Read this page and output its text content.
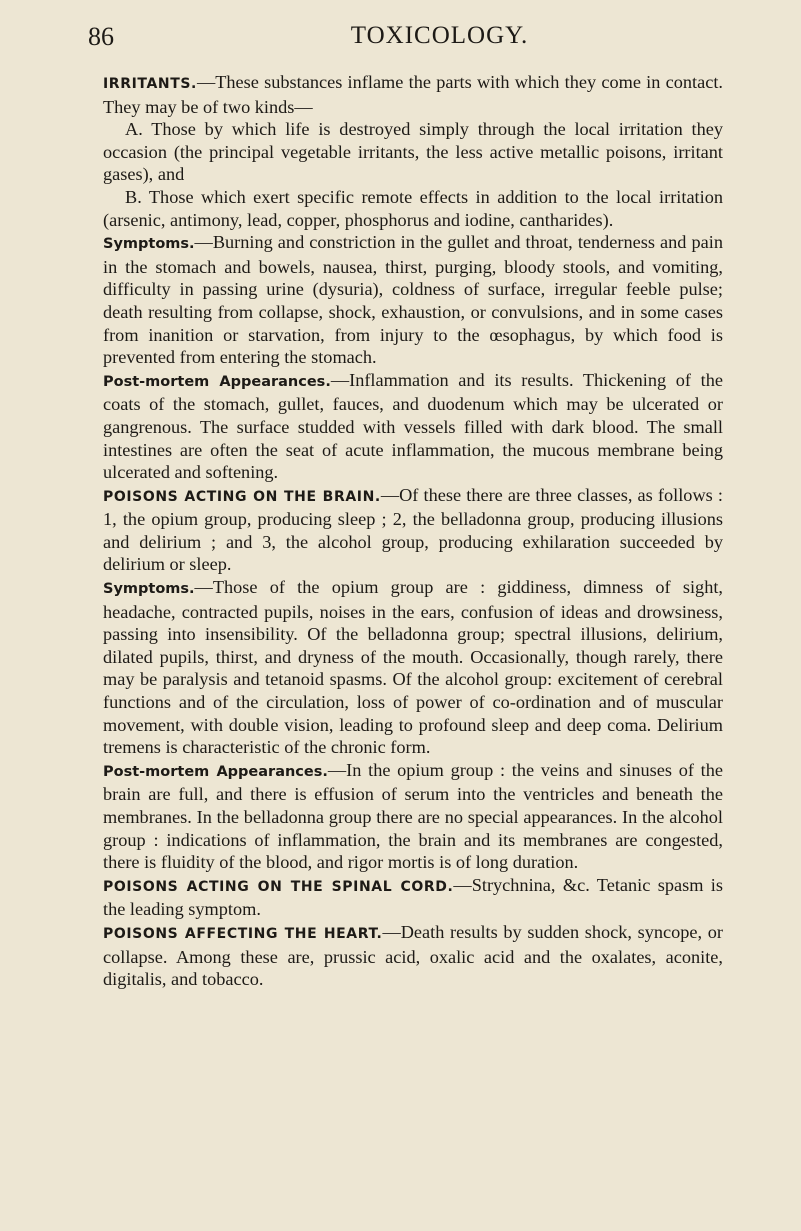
86	TOXICOLOGY.

IRRITANTS.—These substances inflame the parts with which they come in contact. They may be of two kinds—

A. Those by which life is destroyed simply through the local irritation they occasion (the principal vegetable irritants, the less active metallic poisons, irritant gases), and

B. Those which exert specific remote effects in addition to the local irritation (arsenic, antimony, lead, copper, phosphorus and iodine, cantharides).

Symptoms.—Burning and constriction in the gullet and throat, tenderness and pain in the stomach and bowels, nausea, thirst, purging, bloody stools, and vomiting, difficulty in passing urine (dysuria), coldness of surface, irregular feeble pulse; death resulting from collapse, shock, exhaustion, or convulsions, and in some cases from inanition or starvation, from injury to the œsophagus, by which food is prevented from entering the stomach.

Post-mortem Appearances.—Inflammation and its results. Thickening of the coats of the stomach, gullet, fauces, and duodenum which may be ulcerated or gangrenous. The surface studded with vessels filled with dark blood. The small intestines are often the seat of acute inflammation, the mucous membrane being ulcerated and softening.

POISONS ACTING ON THE BRAIN.—Of these there are three classes, as follows : 1, the opium group, producing sleep ; 2, the belladonna group, producing illusions and delirium ; and 3, the alcohol group, producing exhilaration succeeded by delirium or sleep.

Symptoms.—Those of the opium group are : giddiness, dimness of sight, headache, contracted pupils, noises in the ears, confusion of ideas and drowsiness, passing into insensibility. Of the belladonna group; spectral illusions, delirium, dilated pupils, thirst, and dryness of the mouth. Occasionally, though rarely, there may be paralysis and tetanoid spasms. Of the alcohol group: excitement of cerebral functions and of the circulation, loss of power of co-ordination and of muscular movement, with double vision, leading to profound sleep and deep coma. Delirium tremens is characteristic of the chronic form.

Post-mortem Appearances.—In the opium group : the veins and sinuses of the brain are full, and there is effusion of serum into the ventricles and beneath the membranes. In the belladonna group there are no special appearances. In the alcohol group : indications of inflammation, the brain and its membranes are congested, there is fluidity of the blood, and rigor mortis is of long duration.

POISONS ACTING ON THE SPINAL CORD.—Strychnina, &c. Tetanic spasm is the leading symptom.

POISONS AFFECTING THE HEART.—Death results by sudden shock, syncope, or collapse. Among these are, prussic acid, oxalic acid and the oxalates, aconite, digitalis, and tobacco.
